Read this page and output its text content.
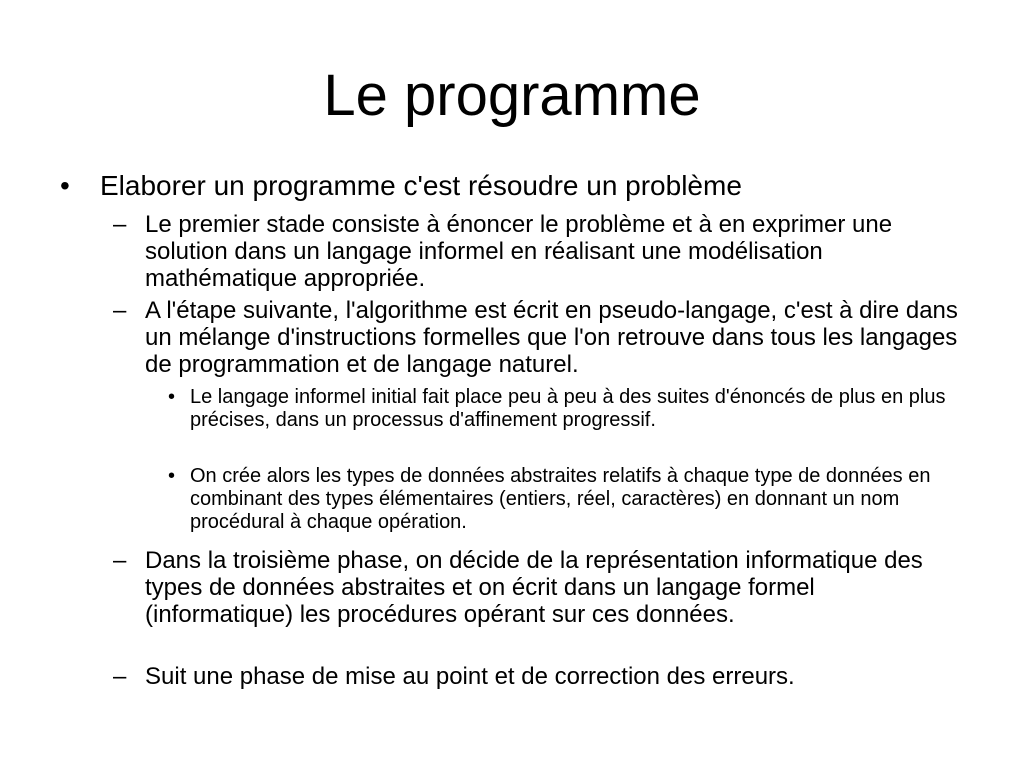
Le programme
• Elaborer un programme c'est résoudre un problème
– Le premier stade consiste à énoncer le problème et à en exprimer une solution dans un langage informel en réalisant une modélisation mathématique appropriée.
– A l'étape suivante, l'algorithme est écrit en pseudo-langage, c'est à dire dans un mélange d'instructions formelles que l'on retrouve dans tous les langages de programmation et de langage naturel.
• Le langage informel initial fait place peu à peu à des suites d'énoncés de plus en plus précises, dans un processus d'affinement progressif.
• On crée alors les types de données abstraites relatifs à chaque type de données en combinant des types élémentaires (entiers, réel, caractères) en donnant un nom procédural à chaque opération.
– Dans la troisième phase, on décide de la représentation informatique des types de données abstraites et on écrit dans un langage formel (informatique) les procédures opérant sur ces données.
– Suit une phase de mise au point et de correction des erreurs.
